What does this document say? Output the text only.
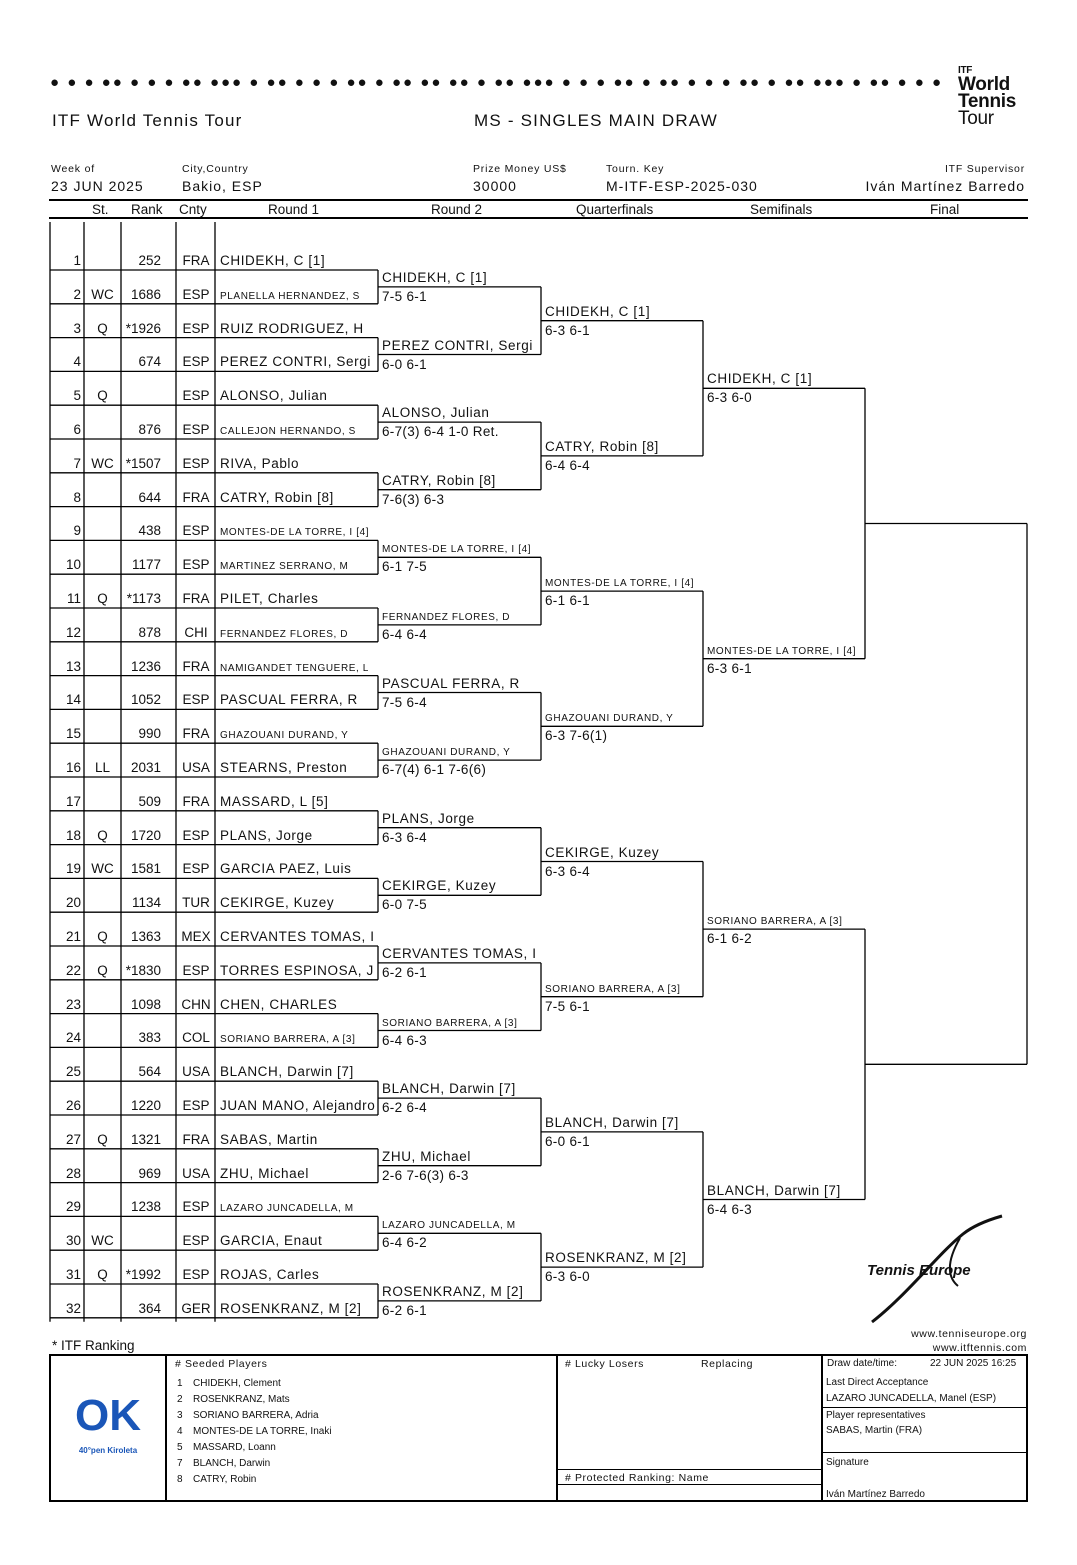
● ● ● ●● ● ● ● ●● ●●● ● ●● ● ● ● ●● ● ●● ●● ●● ● ●● ●●● ● ● ● ●● ● ●● ● ● ● ●● ● ●● ●●● ● ●● ● ● ●
ITF World Tennis Tour	MS - SINGLES MAIN DRAW
ITF
World
Tennis
Tour
Week of
23 JUN 2025
City,Country
Bakio, ESP
Prize Money US$
30000
Tourn. Key
M-ITF-ESP-2025-030
ITF Supervisor
Iván Martínez Barredo
St. Rank Cnty	Round 1	Round 2	Quarterfinals	Semifinals	Final
1	252	FRA CHIDEKH, C [1]
2 WC	1686	ESP	PLANELLA HERNANDEZ, S
3	Q	*1926	ESP RUIZ RODRIGUEZ, H
4	674	ESP PEREZ CONTRI, Sergi
5	Q	ESP ALONSO, Julian
6	876	ESP	CALLEJON HERNANDO, S
7 WC *1507	ESP RIVA, Pablo
8	644	FRA CATRY, Robin [8]
9	438	ESP	MONTES-DE LA TORRE, I [4]
10	1177	ESP	MARTINEZ SERRANO, M
11	Q	*1173	FRA PILET, Charles
12	878	CHI	FERNANDEZ FLORES, D
13	1236	FRA	NAMIGANDET TENGUERE, L
14	1052	ESP PASCUAL FERRA, R
15	990	FRA	GHAZOUANI DURAND, Y
16	LL	2031	USA STEARNS, Preston
17	509	FRA MASSARD, L [5]
18	Q	1720	ESP PLANS, Jorge
19 WC	1581	ESP GARCIA PAEZ, Luis
20	1134	TUR CEKIRGE, Kuzey
21	Q	1363	MEX CERVANTES TOMAS, I
22	Q	*1830	ESP TORRES ESPINOSA, J
23	1098	CHN CHEN, CHARLES
24	383	COL	SORIANO BARRERA, A [3]
25	564	USA BLANCH, Darwin [7]
26	1220	ESP JUAN MANO, Alejandro
27	Q	1321	FRA SABAS, Martin
28	969	USA ZHU, Michael
29	1238	ESP	LAZARO JUNCADELLA, M
30 WC	ESP GARCIA, Enaut
31	Q	*1992	ESP ROJAS, Carles
32	364	GER ROSENKRANZ, M [2]
CHIDEKH, C [1]
7-5 6-1
PEREZ CONTRI, Sergi
6-0 6-1
ALONSO, Julian
6-7(3) 6-4 1-0 Ret.
CATRY, Robin [8]
7-6(3) 6-3
MONTES-DE LA TORRE, I [4]
6-1 7-5
FERNANDEZ FLORES, D
6-4 6-4
PASCUAL FERRA, R
7-5 6-4
GHAZOUANI DURAND, Y
6-7(4) 6-1 7-6(6)
PLANS, Jorge
6-3 6-4
CEKIRGE, Kuzey
6-0 7-5
CERVANTES TOMAS, I
6-2 6-1
SORIANO BARRERA, A [3]
6-4 6-3
BLANCH, Darwin [7]
6-2 6-4
ZHU, Michael
2-6 7-6(3) 6-3
LAZARO JUNCADELLA, M
6-4 6-2
ROSENKRANZ, M [2]
6-2 6-1
CHIDEKH, C [1]
6-3 6-1
CATRY, Robin [8]
6-4 6-4
MONTES-DE LA TORRE, I [4]
6-1 6-1
GHAZOUANI DURAND, Y
6-3 7-6(1)
CEKIRGE, Kuzey
6-3 6-4
SORIANO BARRERA, A [3]
7-5 6-1
BLANCH, Darwin [7]
6-0 6-1
ROSENKRANZ, M [2]
6-3 6-0
CHIDEKH, C [1]
6-3 6-0
MONTES-DE LA TORRE, I [4]
6-3 6-1
SORIANO BARRERA, A [3]
6-1 6-2
BLANCH, Darwin [7]
6-4 6-3
* ITF Ranking
www.tenniseurope.org
www.itftennis.com
Tennis Europe
OK
40°pen Kiroleta
# Seeded Players
1 CHIDEKH, Clement
2 ROSENKRANZ, Mats
3 SORIANO BARRERA, Adria
4 MONTES-DE LA TORRE, Inaki
5 MASSARD, Loann
7 BLANCH, Darwin
8 CATRY, Robin
# Lucky Losers	Replacing
# Protected Ranking: Name
Draw date/time:	22 JUN 2025 16:25
Last Direct Acceptance
LAZARO JUNCADELLA, Manel (ESP)
Player representatives
SABAS, Martin (FRA)
Signature
Iván Martínez Barredo
